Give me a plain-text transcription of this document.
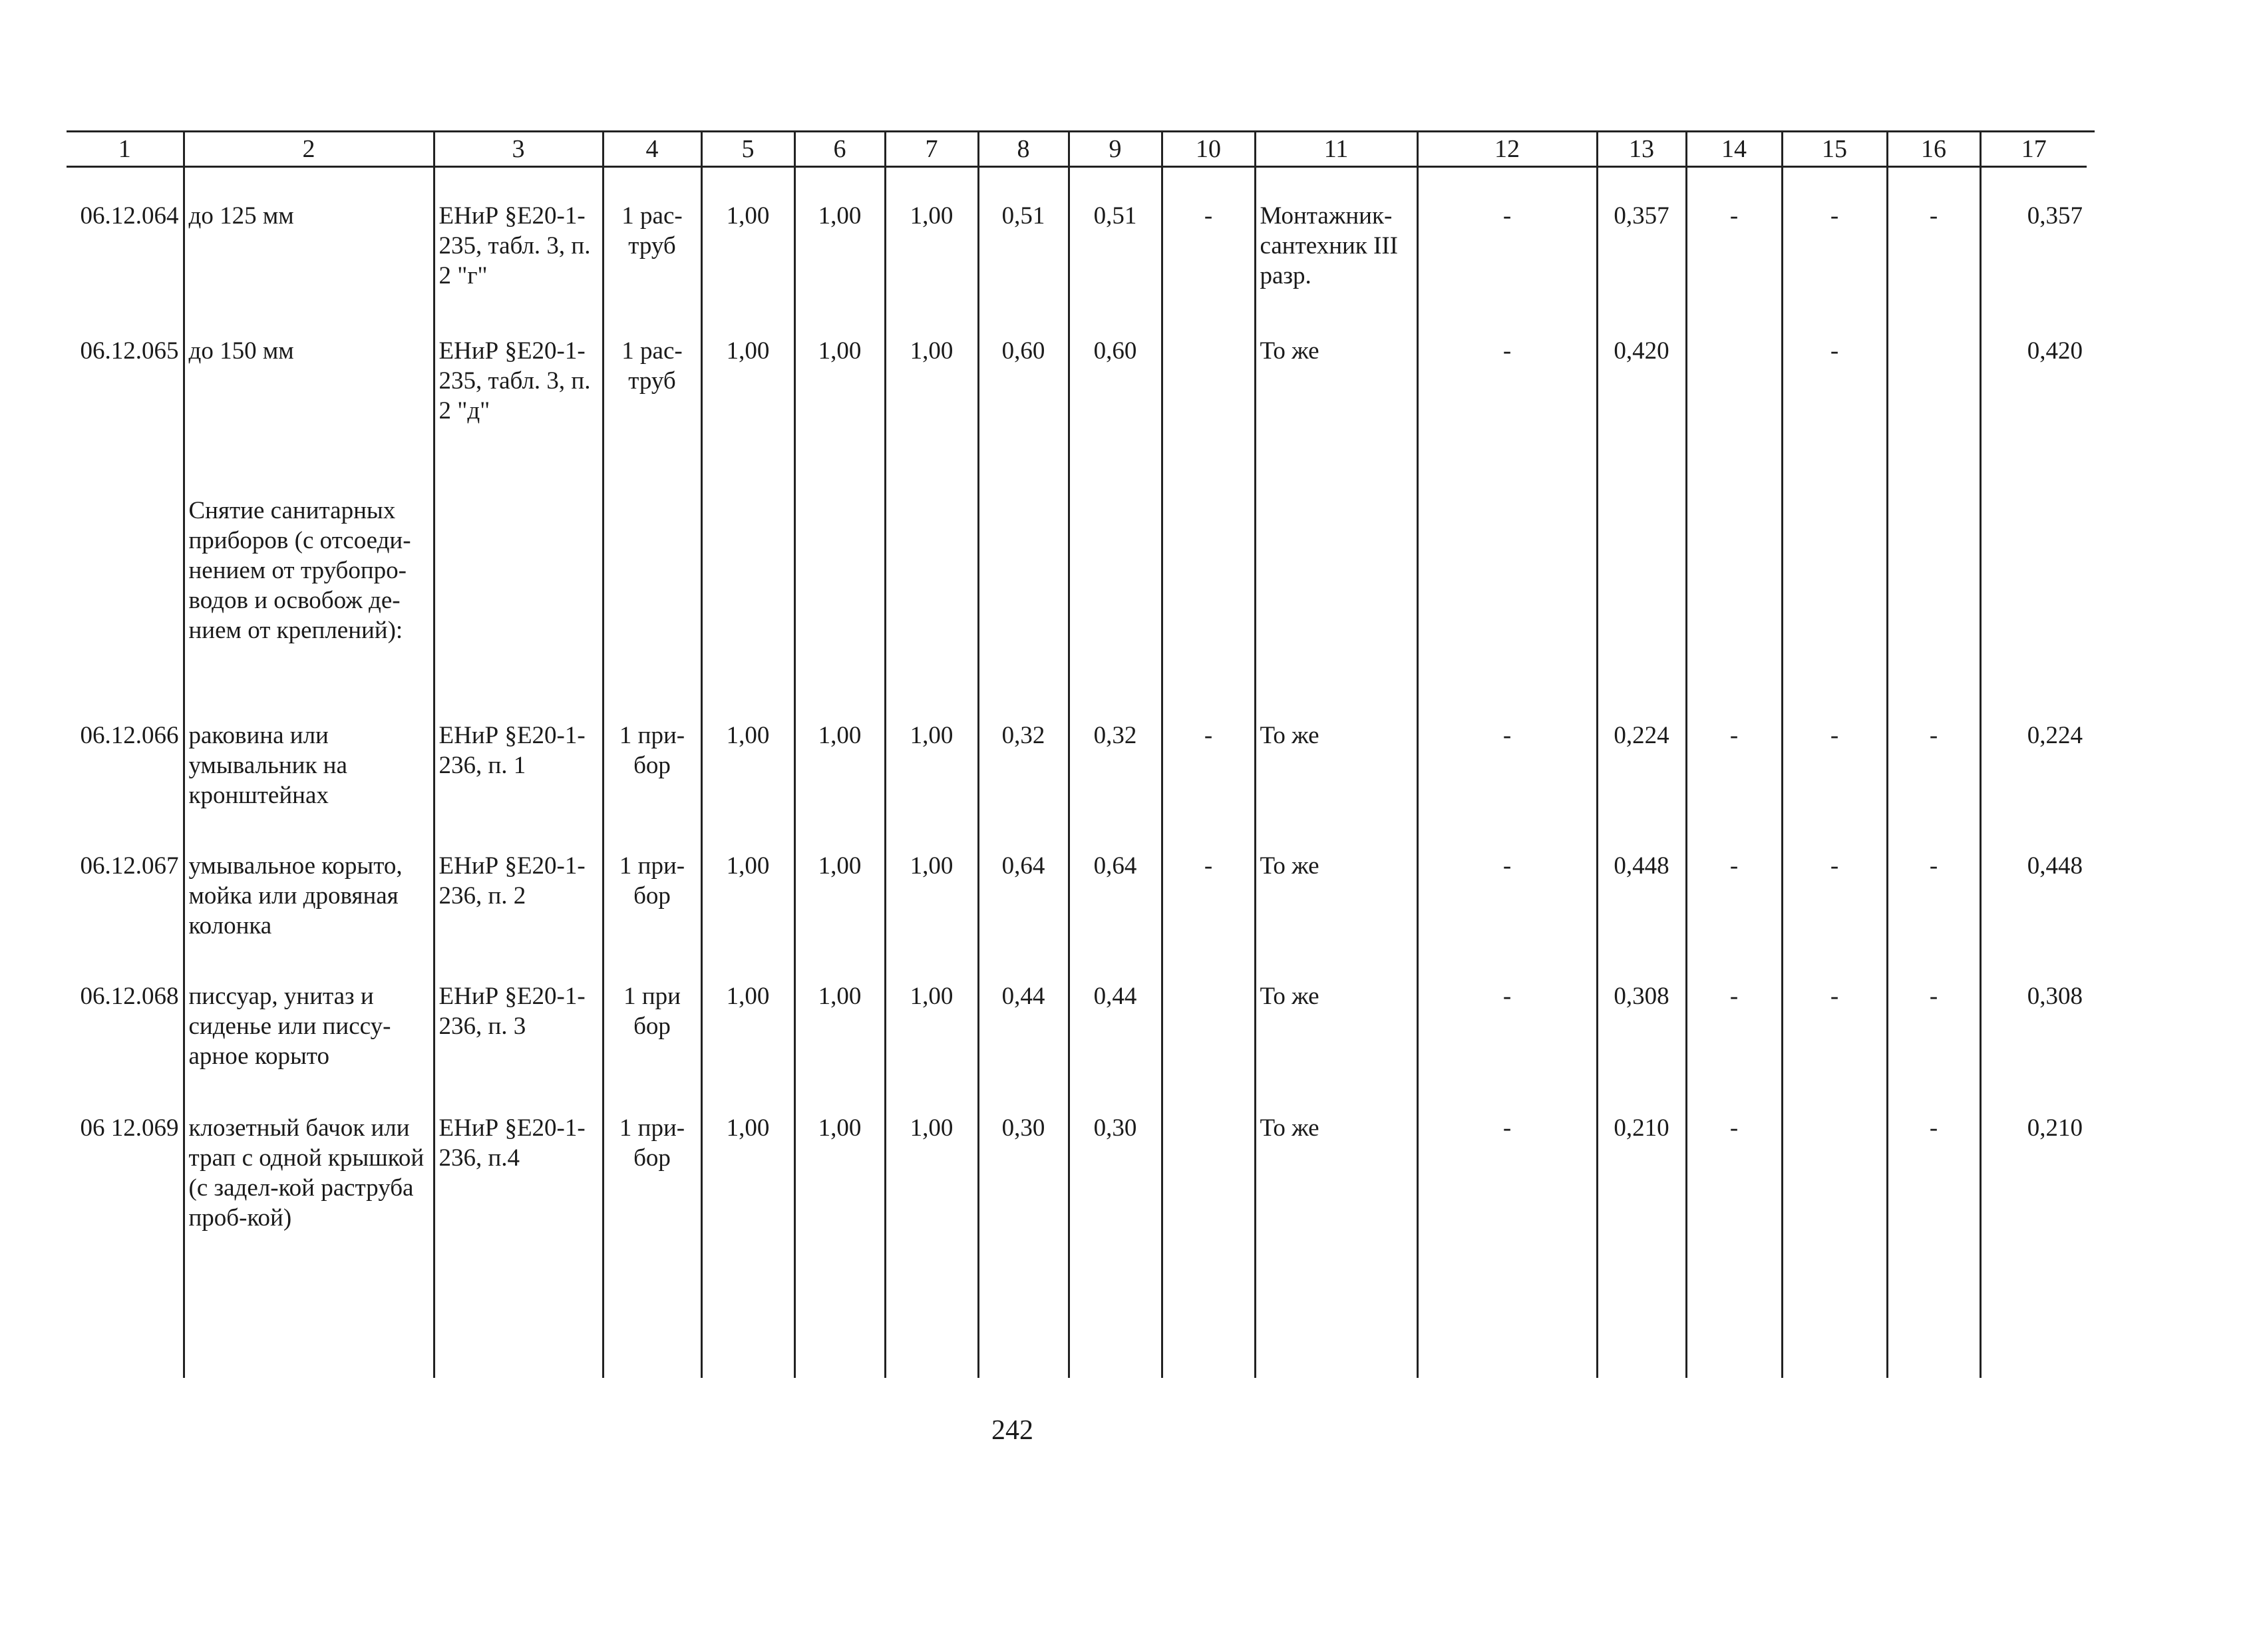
1	2	3	4	5	6	7	8	9	10	11	12	13	14	15	16	17
06.12.064	до 125 мм	ЕНиР §Е20-1-235, табл. 3, п. 2 "г"	1 рас-труб	1,00	1,00	1,00	0,51	0,51	-	Монтажник-сантехник III разр.	-	0,357	-	-	-	0,357
06.12.065	до 150 мм	ЕНиР §Е20-1-235, табл. 3, п. 2 "д"	1 рас-труб	1,00	1,00	1,00	0,60	0,60		То же	-	0,420		-		0,420
	Снятие санитарных приборов (с отсоеди-нением от трубопро-водов и освобож де-нием от креплений):															
06.12.066	раковина или умывальник на кронштейнах	ЕНиР §Е20-1-236, п. 1	1 при-бор	1,00	1,00	1,00	0,32	0,32	-	То же	-	0,224	-	-	-	0,224
06.12.067	умывальное корыто, мойка или дровяная колонка	ЕНиР §Е20-1-236, п. 2	1 при-бор	1,00	1,00	1,00	0,64	0,64	-	То же	-	0,448	-	-	-	0,448
06.12.068	писсуар, унитаз и сиденье или писсу-арное корыто	ЕНиР §Е20-1-236, п. 3	1 при бор	1,00	1,00	1,00	0,44	0,44		То же	-	0,308	-	-	-	0,308
06 12.069	клозетный бачок или трап с одной крышкой (с задел-кой раструба проб-кой)	ЕНиР §Е20-1-236, п.4	1 при-бор	1,00	1,00	1,00	0,30	0,30		То же	-	0,210	-		-	0,210
242
